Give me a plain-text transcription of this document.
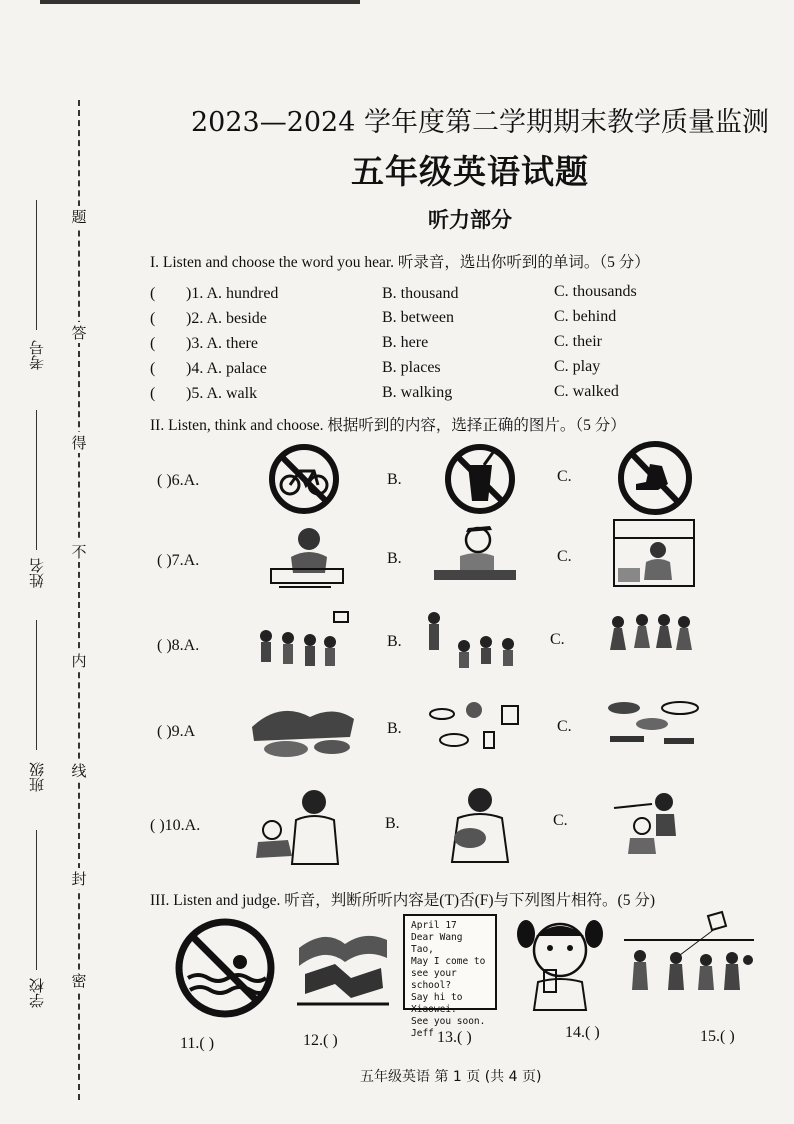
题
答
得
不
内
线
封
密
考号
姓名
班级
学校
2023—2024 学年度第二学期期末教学质量监测
五年级英语试题
听力部分
I. Listen and choose the word you hear. 听录音，选出你听到的单词。（5 分）
( )1. A. hundred	B. thousand	C. thousands
( )2. A. beside	B. between	C. behind
( )3. A. there	B. here	C. their
( )4. A. palace	B. places	C. play
( )5. A. walk	B. walking	C. walked
II. Listen, think and choose. 根据听到的内容，选择正确的图片。（5 分）
( )6.A.	B.	C.
( )7.A.	B.	C.
( )8.A.	B.	C.
( )9.A	B.	C.
( )10.A.	B.	C.
III. Listen and judge. 听音，判断所听内容是(T)否(F)与下列图片相符。(5 分)
April 17
Dear Wang Tao,
May I come to
see your school?
Say hi to Xiaowei.
See you soon.
Jeff
11.( )	12.( )	13.( )	14.( )	15.( )
五年级英语 第 1 页 (共 4 页)
